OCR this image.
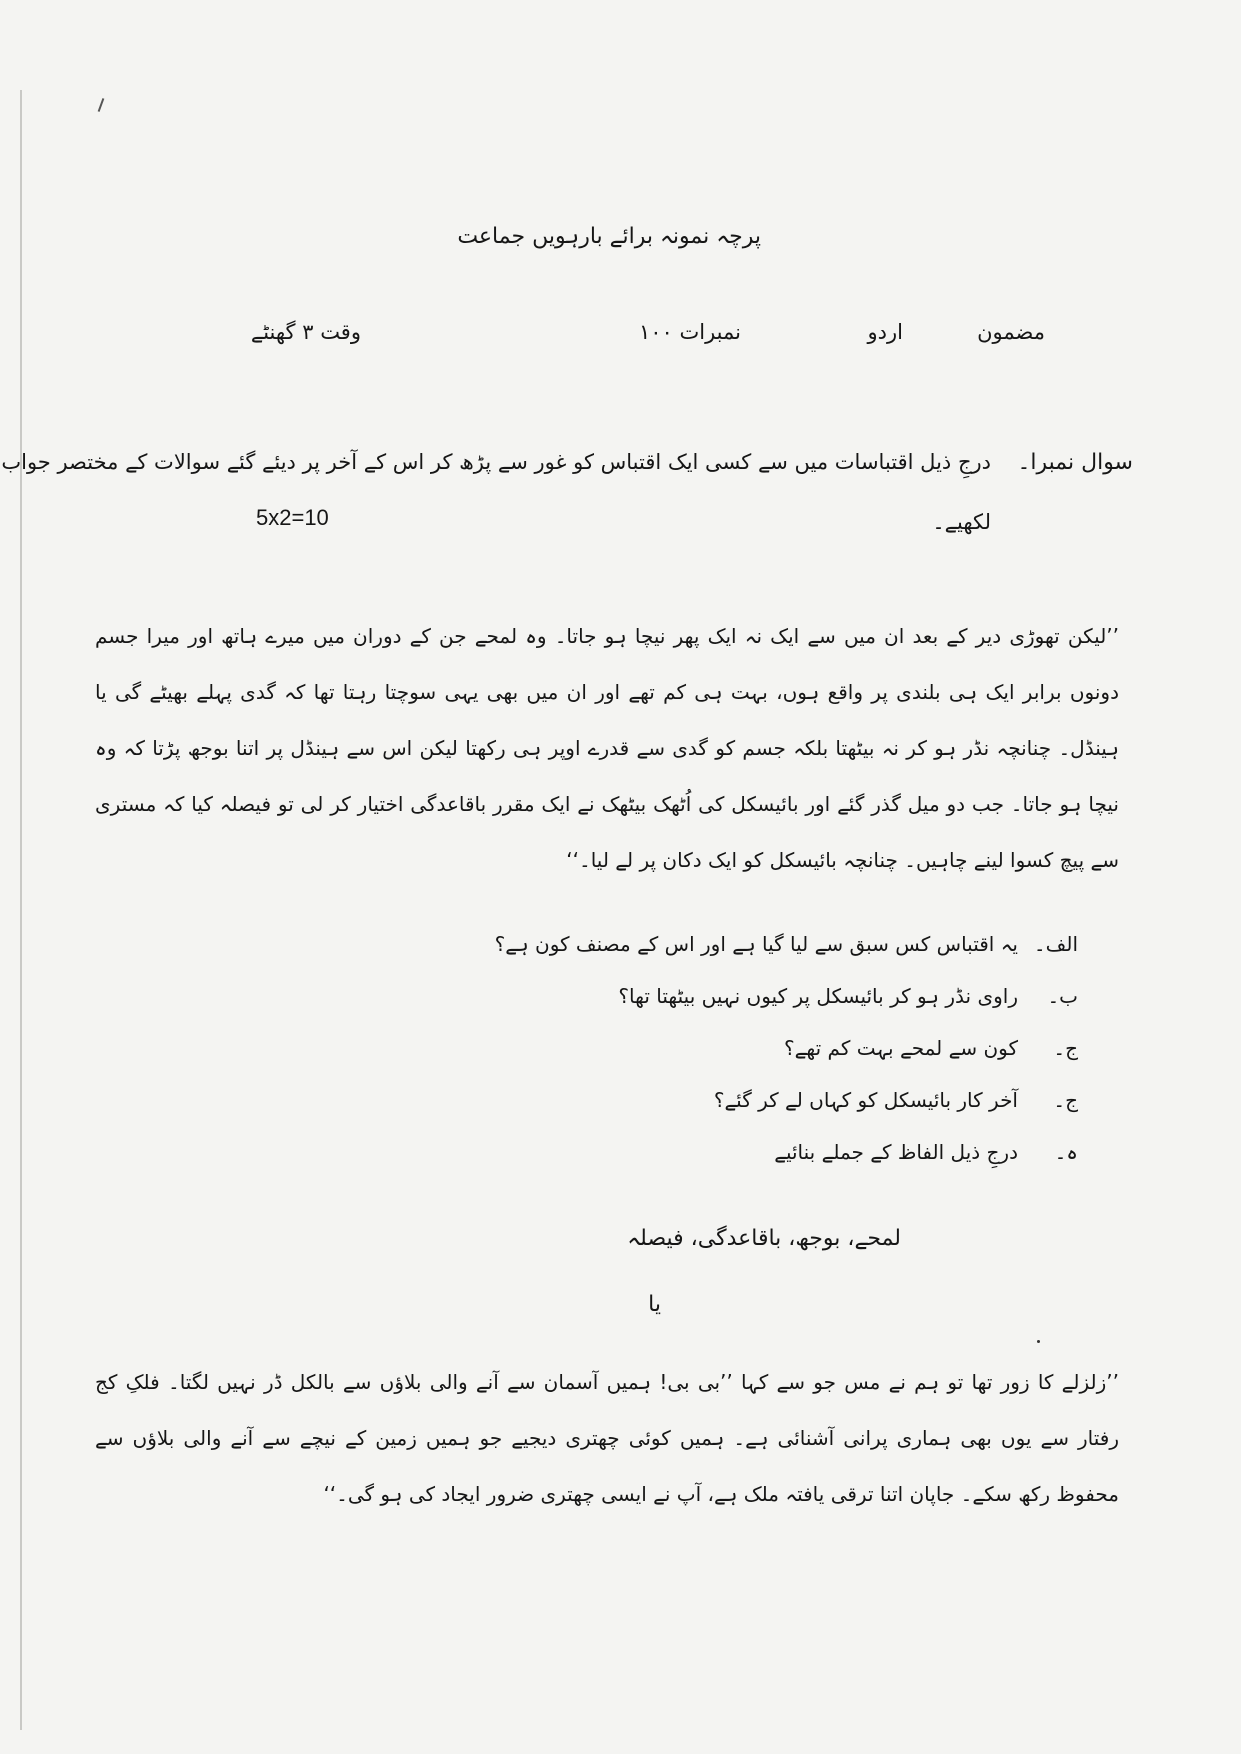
پرچہ نمونہ برائے بارہویں جماعت
مضمون
اردو
نمبرات ۱۰۰
وقت ۳ گھنٹے
سوال نمبرا۔
درجِ ذیل اقتباسات میں سے کسی ایک اقتباس کو غور سے پڑھ کر اس کے آخر پر دیئے گئے سوالات کے مختصر جواب
لکھیے۔
5x2=10
’’لیکن تھوڑی دیر کے بعد ان میں سے ایک نہ ایک پھر نیچا ہو جاتا۔ وہ لمحے جن کے دوران میں میرے ہاتھ اور میرا جسم دونوں برابر ایک ہی بلندی پر واقع ہوں، بہت ہی کم تھے اور ان میں بھی یہی سوچتا رہتا تھا کہ گدی پہلے بھیٹے گی یا ہینڈل۔ چنانچہ نڈر ہو کر نہ بیٹھتا بلکہ جسم کو گدی سے قدرے اوپر ہی رکھتا لیکن اس سے ہینڈل پر اتنا بوجھ پڑتا کہ وہ نیچا ہو جاتا۔ جب دو میل گذر گئے اور بائیسکل کی اُٹھک بیٹھک نے ایک مقرر باقاعدگی اختیار کر لی تو فیصلہ کیا کہ مستری سے پیچ کسوا لینے چاہیں۔ چنانچہ بائیسکل کو ایک دکان پر لے لیا۔‘‘
الف۔
یہ اقتباس کس سبق سے لیا گیا ہے اور اس کے مصنف کون ہے؟
ب۔
راوی نڈر ہو کر بائیسکل پر کیوں نہیں بیٹھتا تھا؟
ج۔
کون سے لمحے بہت کم تھے؟
ج۔
آخر کار بائیسکل کو کہاں لے کر گئے؟
ہ۔
درجِ ذیل الفاظ کے جملے بنائیے
لمحے، بوجھ، باقاعدگی، فیصلہ
یا
’’زلزلے کا زور تھا تو ہم نے مس جو سے کہا ’’بی بی! ہمیں آسمان سے آنے والی بلاؤں سے بالکل ڈر نہیں لگتا۔ فلکِ کج رفتار سے یوں بھی ہماری پرانی آشنائی ہے۔ ہمیں کوئی چھتری دیجیے جو ہمیں زمین کے نیچے سے آنے والی بلاؤں سے محفوظ رکھ سکے۔ جاپان اتنا ترقی یافتہ ملک ہے، آپ نے ایسی چھتری ضرور ایجاد کی ہو گی۔‘‘
